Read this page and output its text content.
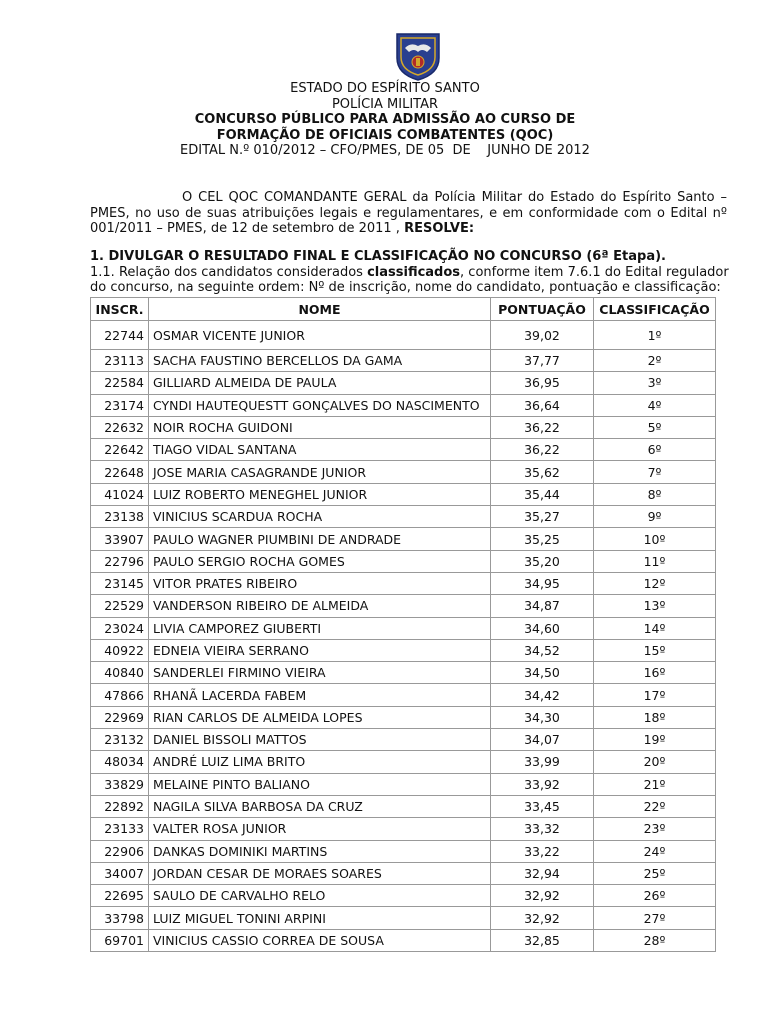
ESTADO DO ESPÍRITO SANTO
POLÍCIA MILITAR
CONCURSO PÚBLICO PARA ADMISSÃO AO CURSO DE
FORMAÇÃO DE OFICIAIS COMBATENTES (QOC)
EDITAL N.º 010/2012 – CFO/PMES, DE 05  DE    JUNHO DE 2012
O CEL QOC COMANDANTE GERAL da Polícia Militar do Estado do Espírito Santo – PMES, no uso de suas atribuições legais e regulamentares, e em conformidade com o Edital nº 001/2011 – PMES, de 12 de setembro de 2011 , RESOLVE:
1. DIVULGAR O RESULTADO FINAL E CLASSIFICAÇÃO NO CONCURSO (6ª Etapa).
1.1. Relação dos candidatos considerados classificados, conforme item 7.6.1 do Edital regulador do concurso, na seguinte ordem: Nº de inscrição, nome do candidato, pontuação e classificação:
INSCR.	NOME	PONTUAÇÃO	CLASSIFICAÇÃO
22744	OSMAR VICENTE JUNIOR	39,02	1º
23113	SACHA FAUSTINO BERCELLOS DA GAMA	37,77	2º
22584	GILLIARD ALMEIDA DE PAULA	36,95	3º
23174	CYNDI HAUTEQUESTT GONÇALVES DO NASCIMENTO	36,64	4º
22632	NOIR ROCHA GUIDONI	36,22	5º
22642	TIAGO VIDAL SANTANA	36,22	6º
22648	JOSE MARIA CASAGRANDE JUNIOR	35,62	7º
41024	LUIZ ROBERTO MENEGHEL JUNIOR	35,44	8º
23138	VINICIUS SCARDUA ROCHA	35,27	9º
33907	PAULO WAGNER PIUMBINI DE ANDRADE	35,25	10º
22796	PAULO SERGIO ROCHA GOMES	35,20	11º
23145	VITOR PRATES RIBEIRO	34,95	12º
22529	VANDERSON RIBEIRO DE ALMEIDA	34,87	13º
23024	LIVIA CAMPOREZ GIUBERTI	34,60	14º
40922	EDNEIA VIEIRA SERRANO	34,52	15º
40840	SANDERLEI FIRMINO VIEIRA	34,50	16º
47866	RHANÃ LACERDA FABEM	34,42	17º
22969	RIAN CARLOS DE ALMEIDA LOPES	34,30	18º
23132	DANIEL BISSOLI MATTOS	34,07	19º
48034	ANDRÉ LUIZ LIMA BRITO	33,99	20º
33829	MELAINE PINTO BALIANO	33,92	21º
22892	NAGILA SILVA BARBOSA DA CRUZ	33,45	22º
23133	VALTER ROSA JUNIOR	33,32	23º
22906	DANKAS DOMINIKI MARTINS	33,22	24º
34007	JORDAN CESAR DE MORAES SOARES	32,94	25º
22695	SAULO DE CARVALHO RELO	32,92	26º
33798	LUIZ MIGUEL TONINI ARPINI	32,92	27º
69701	VINICIUS CASSIO CORREA DE SOUSA	32,85	28º
